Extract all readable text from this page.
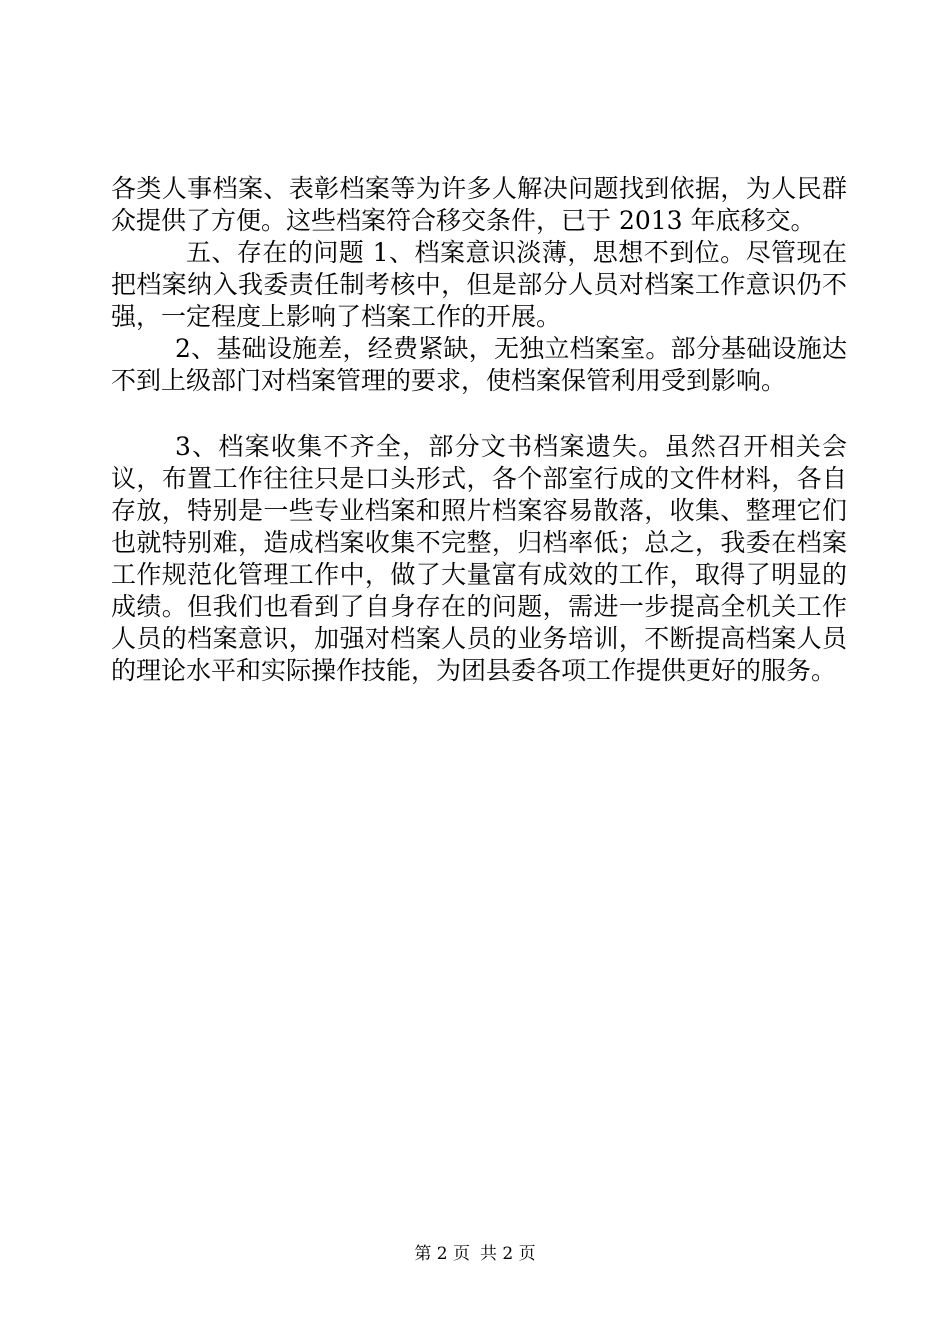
各类人事档案、表彰档案等为许多人解决问题找到依据，为人民群众提供了方便。这些档案符合移交条件，已于 2013 年底移交。

五、存在的问题 1、档案意识淡薄，思想不到位。尽管现在把档案纳入我委责任制考核中，但是部分人员对档案工作意识仍不强，一定程度上影响了档案工作的开展。

2、基础设施差，经费紧缺，无独立档案室。部分基础设施达不到上级部门对档案管理的要求，使档案保管利用受到影响。

3、档案收集不齐全，部分文书档案遗失。虽然召开相关会议，布置工作往往只是口头形式，各个部室行成的文件材料，各自存放，特别是一些专业档案和照片档案容易散落，收集、整理它们也就特别难，造成档案收集不完整，归档率低；总之，我委在档案工作规范化管理工作中，做了大量富有成效的工作，取得了明显的成绩。但我们也看到了自身存在的问题，需进一步提高全机关工作人员的档案意识，加强对档案人员的业务培训，不断提高档案人员的理论水平和实际操作技能，为团县委各项工作提供更好的服务。

第 2 页 共 2 页
